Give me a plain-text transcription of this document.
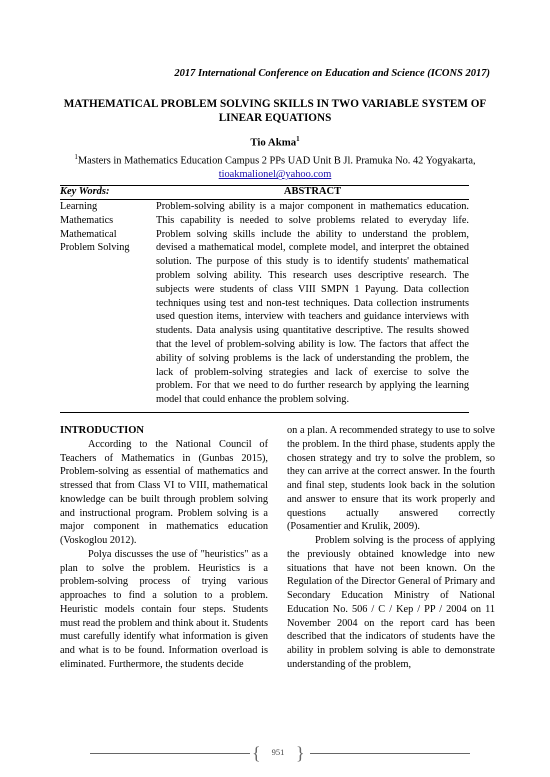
2017 International Conference on Education and Science (ICONS 2017)
MATHEMATICAL PROBLEM SOLVING SKILLS IN TWO VARIABLE SYSTEM OF
LINEAR EQUATIONS
Tio Akma$^1$
$^1$Masters in Mathematics Education Campus 2 PPs UAD Unit B Jl. Pramuka No. 42 Yogyakarta,
tioakmalionel@yahoo.com
Key Words:	ABSTRACT
Learning
Mathematics
Mathematical
Problem Solving
Problem-solving ability is a major component in mathematics education. This capability is needed to solve problems related to everyday life. Problem solving skills include the ability to understand the problem, devised a mathematical model, complete model, and interpret the obtained solution. The purpose of this study is to identify students' mathematical problem solving ability. This research uses descriptive research. The subjects were students of class VIII SMPN 1 Payung. Data collection techniques using test and non-test techniques. Data collection instruments used question items, interview with teachers and guidance interviews with students. Data analysis using quantitative descriptive. The results showed that the level of problem-solving ability is low. The factors that affect the ability of solving problems is the lack of understanding the problem, the lack of problem-solving strategies and lack of exercise to solve the problem. For that we need to do further research by applying the learning model that could enhance the problem solving.
INTRODUCTION

According to the National Council of Teachers of Mathematics in (Gunbas 2015), Problem-solving as essential of mathematics and stressed that from Class VI to VIII, mathematical knowledge can be built through problem solving and instructional program. Problem solving is a major component in mathematics education (Voskoglou 2012).

Polya discusses the use of "heuristics" as a plan to solve the problem. Heuristics is a problem-solving process of trying various approaches to find a solution to a problem. Heuristic models contain four steps. Students must read the problem and think about it. Students must carefully identify what information is given and what is to be found. Information overload is eliminated. Furthermore, the students decide

on a plan. A recommended strategy to use to solve the problem. In the third phase, students apply the chosen strategy and try to solve the problem, so they can arrive at the correct answer. In the fourth and final step, students look back in the solution and answer to ensure that its work properly and questions actually answered correctly (Posamentier and Krulik, 2009).

Problem solving is the process of applying the previously obtained knowledge into new situations that have not been known. On the Regulation of the Director General of Primary and Secondary Education Ministry of National Education No. 506 / C / Kep / PP / 2004 on 11 November 2004 on the report card has been described that the indicators of students have the ability in problem solving is able to demonstrate understanding of the problem,

{	951 }
